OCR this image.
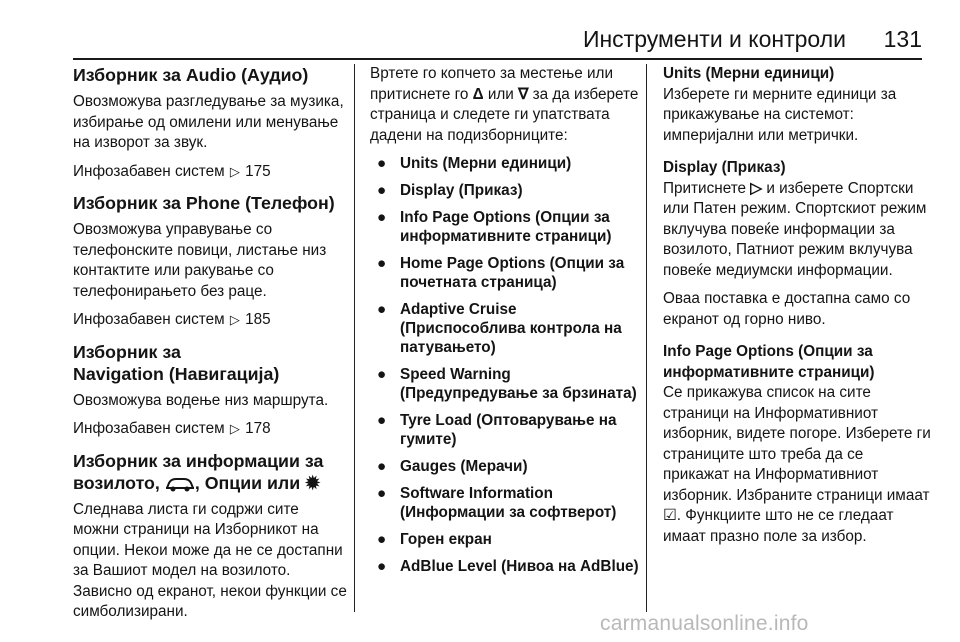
Инструменти и контроли 131
Изборник за Audio (Аудио)

Овозможува разгледување за музика, избирање од омилени или менување на изворот за звук.

Инфозабавен систем ▷ 175

Изборник за Phone (Телефон)

Овозможува управување со телефонските повици, листање низ контактите или ракување со телефонирањето без раце.

Инфозабавен систем ▷ 185

Изборник за
Navigation (Навигација)

Овозможува водење низ маршрута.

Инфозабавен систем ▷ 178

Изборник за информации за
возилото, , Опции или ✹

Следнава листа ги содржи сите можни страници на Изборникот на опции. Некои може да не се достапни за Вашиот модел на возилото. Зависно од екранот, некои функции се симболизирани.

Вртете го копчето за местење или притиснете го Δ или ∇ за да изберете страница и следете ги упатствата дадени на подизборниците:

● Units (Мерни единици)
● Display (Приказ)
● Info Page Options (Опции за информативните страници)
● Home Page Options (Опции за почетната страница)
● Adaptive Cruise (Приспособлива контрола на патувањето)
● Speed Warning (Предупредување за брзината)
● Tyre Load (Оптоварување на гумите)
● Gauges (Мерачи)
● Software Information (Информации за софтверот)
● Горен екран
● AdBlue Level (Нивоа на AdBlue)

Units (Мерни единици)

Изберете ги мерните единици за прикажување на системот: империјални или метрички.

Display (Приказ)

Притиснете ▷ и изберете Спортски или Патен режим. Спортскиот режим вклучува повеќе информации за возилото, Патниот режим вклучува повеќе медиумски информации.

Оваа поставка е достапна само со екранот од горно ниво.

Info Page Options (Опции за информативните страници)

Се прикажува список на сите страници на Информативниот изборник, видете погоре. Изберете ги страниците што треба да се прикажат на Информативниот изборник. Избраните страници имаат ☑. Функциите што не се гледаат имаат празно поле за избор.

carmanualsonline.info
